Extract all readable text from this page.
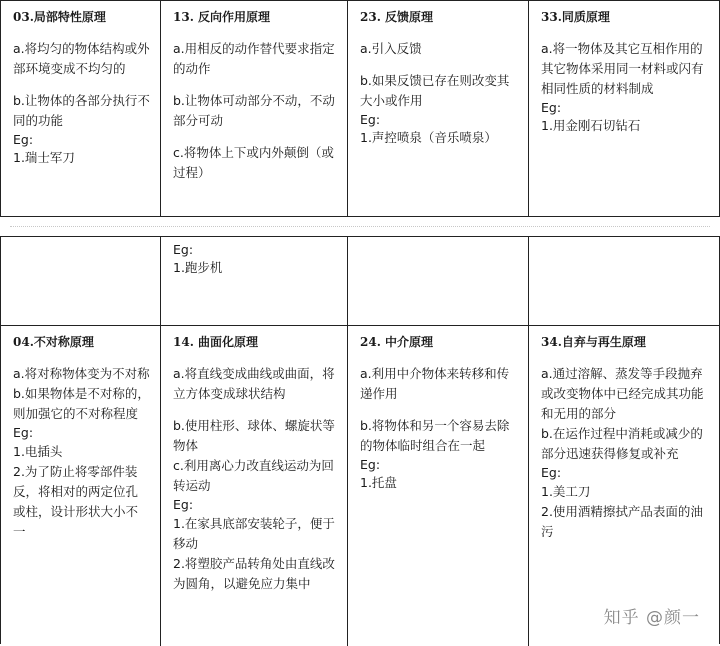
03.局部特性原理

a.将均匀的物体结构或外部环境变成不均匀的

b.让物体的各部分执行不同的功能

Eg:
1.瑞士军刀
13. 反向作用原理

a.用相反的动作替代要求指定的动作

b.让物体可动部分不动，不动部分可动

c.将物体上下或内外颠倒（或过程）

23. 反馈原理

a.引入反馈

b.如果反馈已存在则改变其大小或作用

Eg:
1.声控喷泉（音乐喷泉）
33.同质原理

a.将一物体及其它互相作用的其它物体采用同一材料或闪有相同性质的材料制成

Eg:
1.用金刚石切钻石
Eg:
1.跑步机
04.不对称原理

a.将对称物体变为不对称

b.如果物体是不对称的，则加强它的不对称程度

Eg:

1.电插头

2.为了防止将零部件装反，将相对的两定位孔或柱，设计形状大小不一

14. 曲面化原理

a.将直线变成曲线或曲面，将立方体变成球状结构

b.使用柱形、球体、螺旋状等物体

c.利用离心力改直线运动为回转运动

Eg:

1.在家具底部安装轮子，便于移动

2.将塑胶产品转角处由直线改为圆角，以避免应力集中

24. 中介原理

a.利用中介物体来转移和传递作用

b.将物体和另一个容易去除的物体临时组合在一起

Eg:
1.托盘
34.自弃与再生原理

a.通过溶解、蒸发等手段抛弃或改变物体中已经完成其功能和无用的部分

b.在运作过程中消耗或减少的部分迅速获得修复或补充

Eg:

1.美工刀

2.使用酒精擦拭产品表面的油污

知乎 @颜一
